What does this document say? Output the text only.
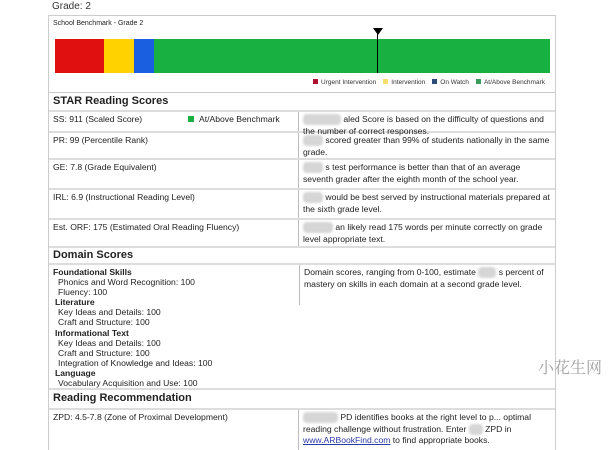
Grade: 2
School Benchmark - Grade 2
Urgent Intervention	Intervention	On Watch	At/Above Benchmark
STAR Reading Scores
SS: 911 (Scaled Score)	At/Above Benchmark	aled Score is based on the difficulty of questions and the number of correct responses.
PR: 99 (Percentile Rank)	scored greater than 99% of students nationally in the same grade.
GE: 7.8 (Grade Equivalent)	s test performance is better than that of an average seventh grader after the eighth month of the school year.
IRL: 6.9 (Instructional Reading Level)	would be best served by instructional materials prepared at the sixth grade level.
Est. ORF: 175 (Estimated Oral Reading Fluency)	an likely read 175 words per minute correctly on grade level appropriate text.
Domain Scores
Foundational Skills
Phonics and Word Recognition: 100
Fluency: 100
Literature
Key Ideas and Details: 100
Craft and Structure: 100
Informational Text
Key Ideas and Details: 100
Craft and Structure: 100
Integration of Knowledge and Ideas: 100
Language
Vocabulary Acquisition and Use: 100
Domain scores, ranging from 0-100, estimate	s percent of mastery on skills in each domain at a second grade level.
Reading Recommendation
ZPD: 4.5-7.8 (Zone of Proximal Development)	PD identifies books at the right level to p... optimal reading challenge without frustration. Enter ZPD in www.ARBookFind.com to find appropriate books.
小花生网
